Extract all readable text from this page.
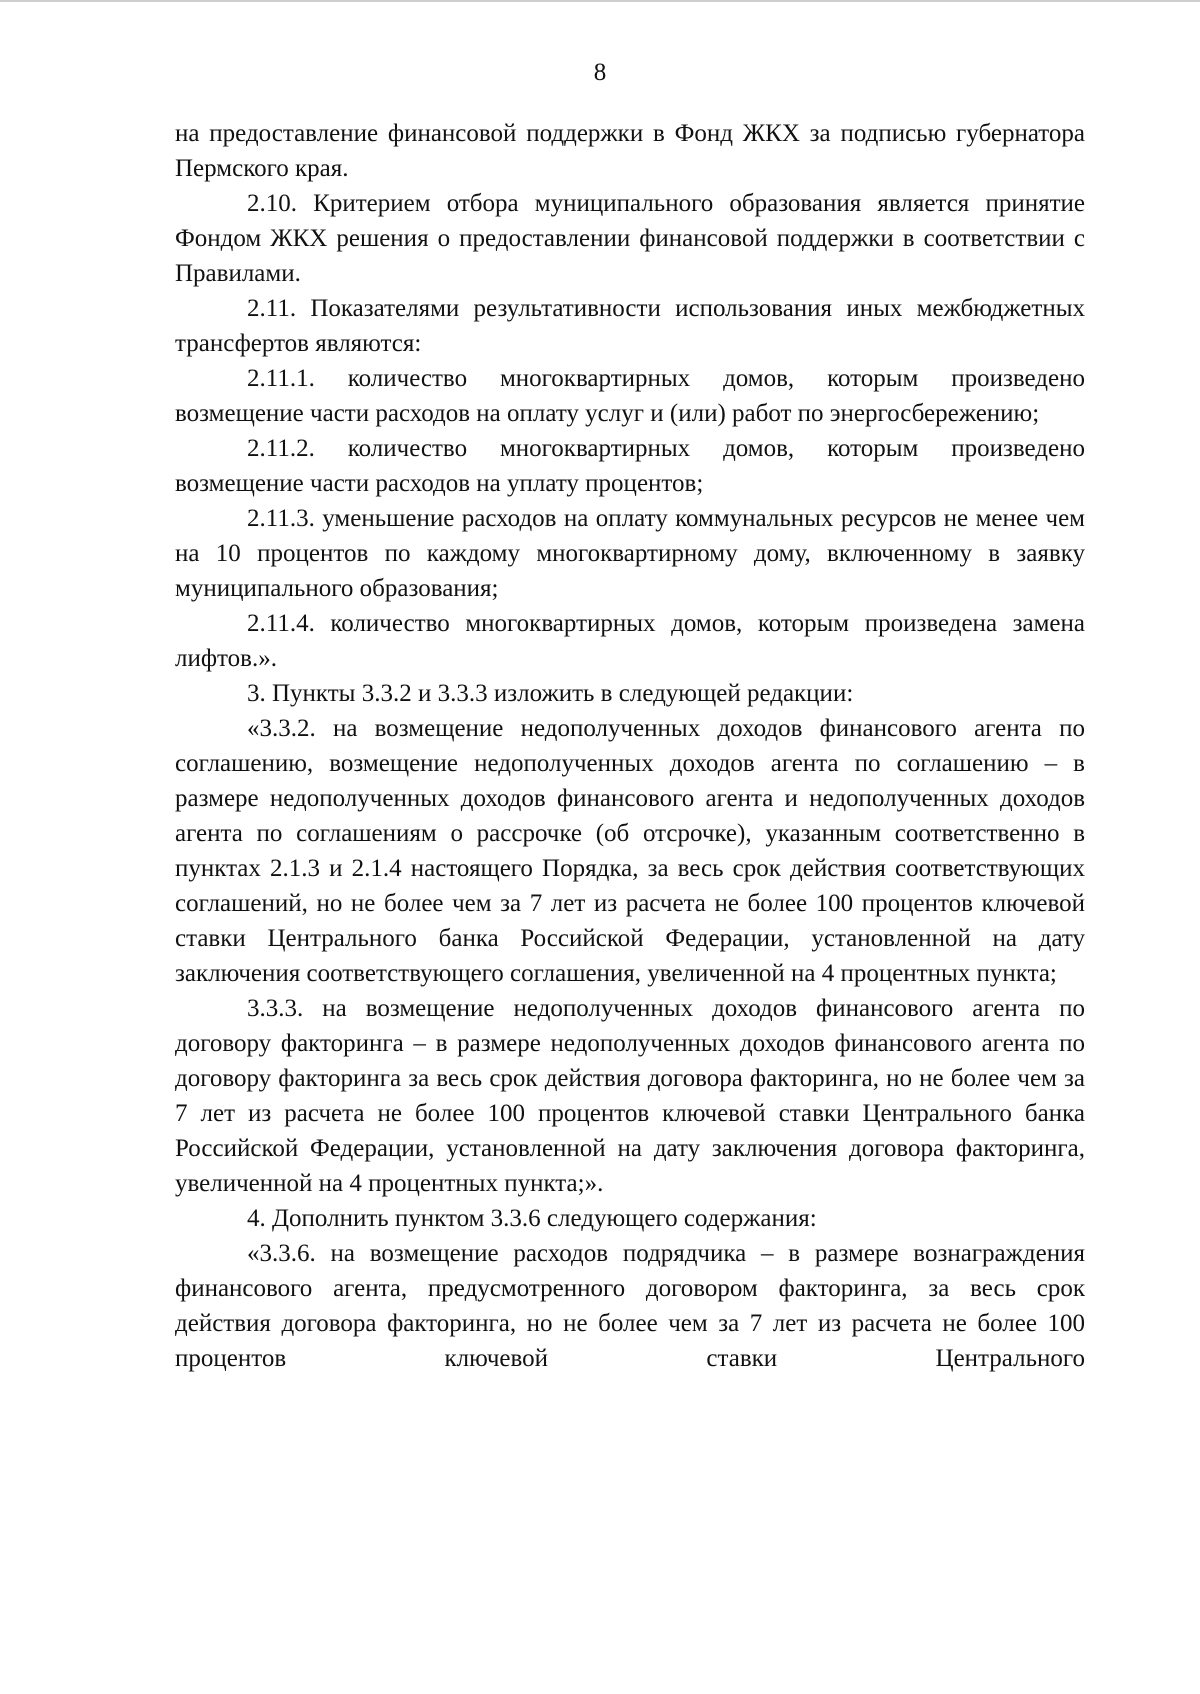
8

на предоставление финансовой поддержки в Фонд ЖКХ за подписью губернатора Пермского края.

2.10. Критерием отбора муниципального образования является принятие Фондом ЖКХ решения о предоставлении финансовой поддержки в соответствии с Правилами.

2.11. Показателями результативности использования иных межбюджетных трансфертов являются:

2.11.1. количество многоквартирных домов, которым произведено возмещение части расходов на оплату услуг и (или) работ по энергосбережению;

2.11.2. количество многоквартирных домов, которым произведено возмещение части расходов на уплату процентов;

2.11.3. уменьшение расходов на оплату коммунальных ресурсов не менее чем на 10 процентов по каждому многоквартирному дому, включенному в заявку муниципального образования;

2.11.4. количество многоквартирных домов, которым произведена замена лифтов.».

3. Пункты 3.3.2 и 3.3.3 изложить в следующей редакции:

«3.3.2. на возмещение недополученных доходов финансового агента по соглашению, возмещение недополученных доходов агента по соглашению – в размере недополученных доходов финансового агента и недополученных доходов агента по соглашениям о рассрочке (об отсрочке), указанным соответственно в пунктах 2.1.3 и 2.1.4 настоящего Порядка, за весь срок действия соответствующих соглашений, но не более чем за 7 лет из расчета не более 100 процентов ключевой ставки Центрального банка Российской Федерации, установленной на дату заключения соответствующего соглашения, увеличенной на 4 процентных пункта;

3.3.3. на возмещение недополученных доходов финансового агента по договору факторинга – в размере недополученных доходов финансового агента по договору факторинга за весь срок действия договора факторинга, но не более чем за 7 лет из расчета не более 100 процентов ключевой ставки Центрального банка Российской Федерации, установленной на дату заключения договора факторинга, увеличенной на 4 процентных пункта;».

4. Дополнить пунктом 3.3.6 следующего содержания:

«3.3.6. на возмещение расходов подрядчика – в размере вознаграждения финансового агента, предусмотренного договором факторинга, за весь срок действия договора факторинга, но не более чем за 7 лет из расчета не более 100 процентов ключевой ставки Центрального
